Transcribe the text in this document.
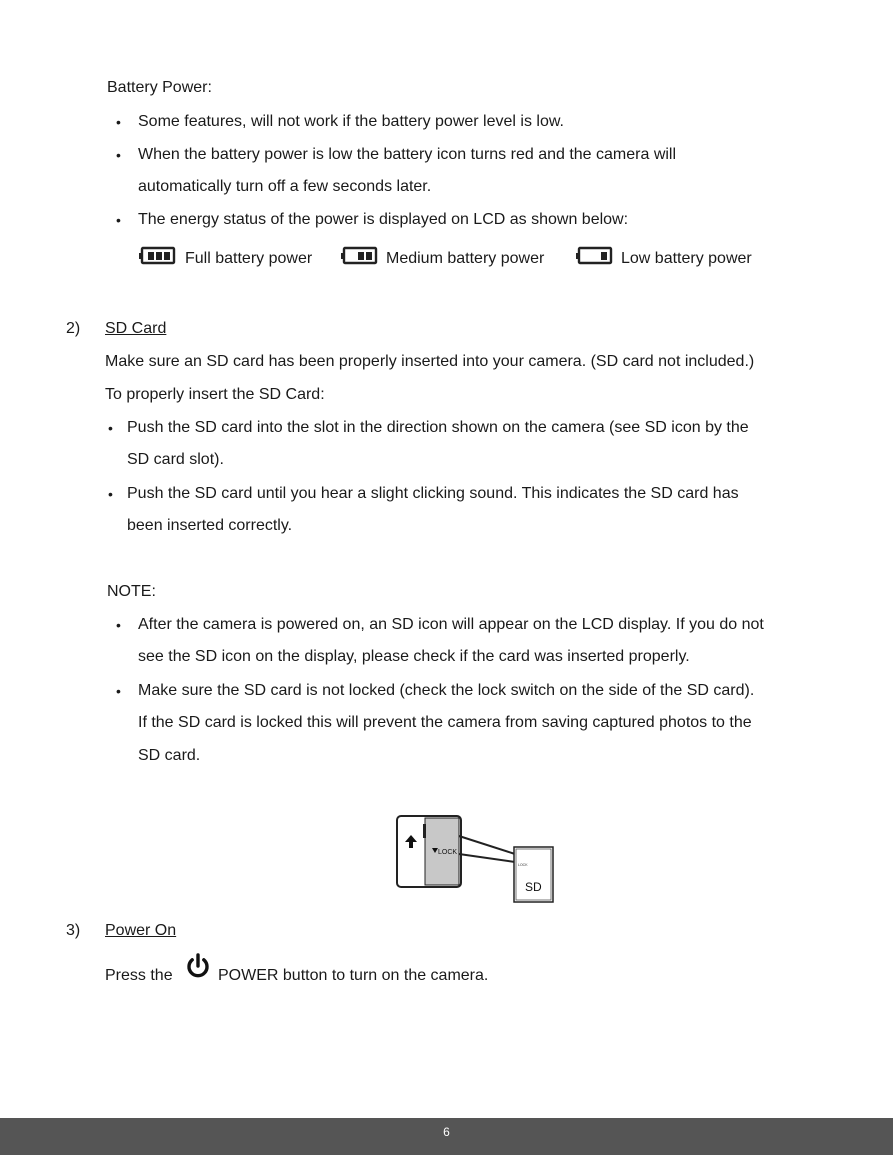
Battery Power:
• Some features, will not work if the battery power level is low.
• When the battery power is low the battery icon turns red and the camera will
automatically turn off a few seconds later.
• The energy status of the power is displayed on LCD as shown below:
Full battery power	Medium battery power	Low battery power
2) SD Card
Make sure an SD card has been properly inserted into your camera. (SD card not included.)
To properly insert the SD Card:
• Push the SD card into the slot in the direction shown on the camera (see SD icon by the
SD card slot).
• Push the SD card until you hear a slight clicking sound. This indicates the SD card has
been inserted correctly.
NOTE:
• After the camera is powered on, an SD icon will appear on the LCD display. If you do not
see the SD icon on the display, please check if the card was inserted properly.
• Make sure the SD card is not locked (check the lock switch on the side of the SD card).
If the SD card is locked this will prevent the camera from saving captured photos to the
SD card.
LOCK
LOCK
SD
3) Power On
Press the	POWER button to turn on the camera.
6
